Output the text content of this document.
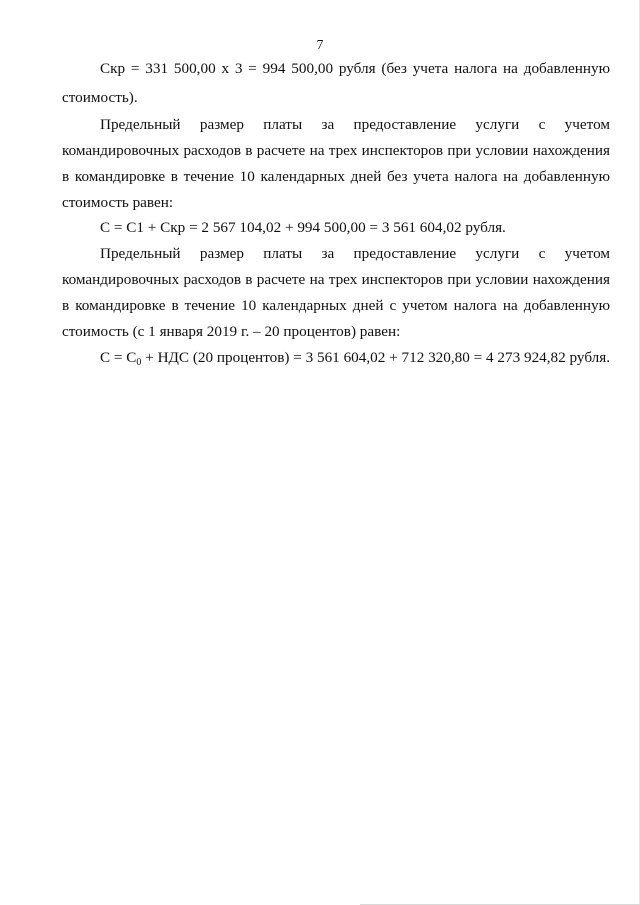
7
Скр = 331 500,00 х 3 = 994 500,00 рубля (без учета налога на добавленную
стоимость).
Предельный размер платы за предоставление услуги с учетом
командировочных расходов в расчете на трех инспекторов при условии нахождения
в командировке в течение 10 календарных дней без учета налога на добавленную
стоимость равен:
С = С1 + Скр = 2 567 104,02 + 994 500,00 = 3 561 604,02 рубля.
Предельный размер платы за предоставление услуги с учетом
командировочных расходов в расчете на трех инспекторов при условии нахождения
в командировке в течение 10 календарных дней с учетом налога на добавленную
стоимость (с 1 января 2019 г. – 20 процентов) равен:
$С = С_0$ + НДС (20 процентов) = 3 561 604,02 + 712 320,80 = 4 273 924,82 рубля.
